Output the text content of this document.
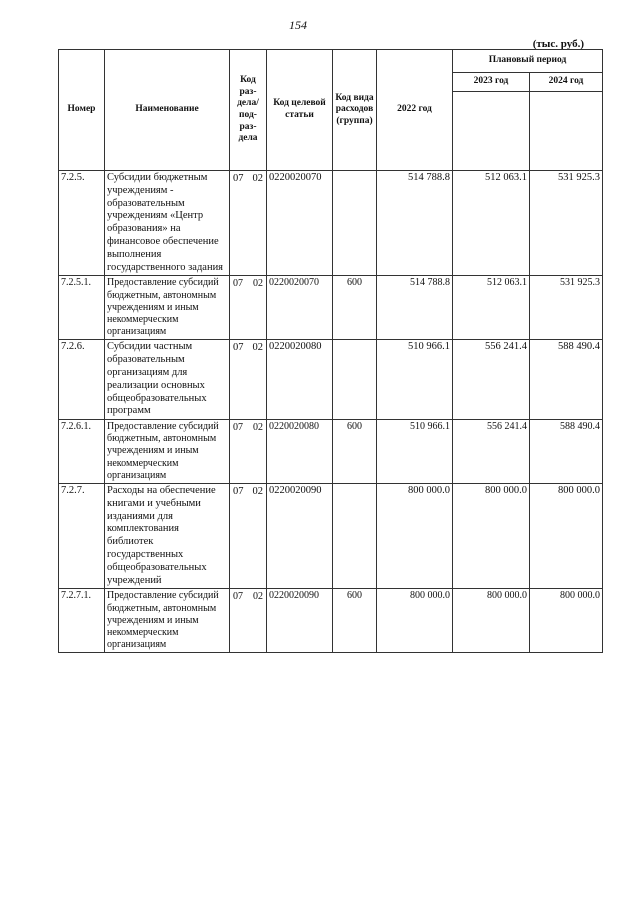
154
(тыс. руб.)
Номер	Наименование	Код раз-дела/ под-раз-дела	Код целевой статьи	Код вида расходов (группа)	2022 год	Плановый период	
						2023 год	2024 год

7.2.5.	Субсидии бюджетным учреждениям - образовательным учреждениям «Центр образования» на финансовое обеспечение выполнения государственного задания	07 02	0220020070		514 788.8	512 063.1	531 925.3
7.2.5.1.	Предоставление субсидий бюджетным, автономным учреждениям и иным некоммерческим организациям	07 02	0220020070	600	514 788.8	512 063.1	531 925.3
7.2.6.	Субсидии частным образовательным организациям для реализации основных общеобразовательных программ	07 02	0220020080		510 966.1	556 241.4	588 490.4
7.2.6.1.	Предоставление субсидий бюджетным, автономным учреждениям и иным некоммерческим организациям	07 02	0220020080	600	510 966.1	556 241.4	588 490.4
7.2.7.	Расходы на обеспечение книгами и учебными изданиями для комплектования библиотек государственных общеобразовательных учреждений	07 02	0220020090		800 000.0	800 000.0	800 000.0
7.2.7.1.	Предоставление субсидий бюджетным, автономным учреждениям и иным некоммерческим организациям	07 02	0220020090	600	800 000.0	800 000.0	800 000.0
